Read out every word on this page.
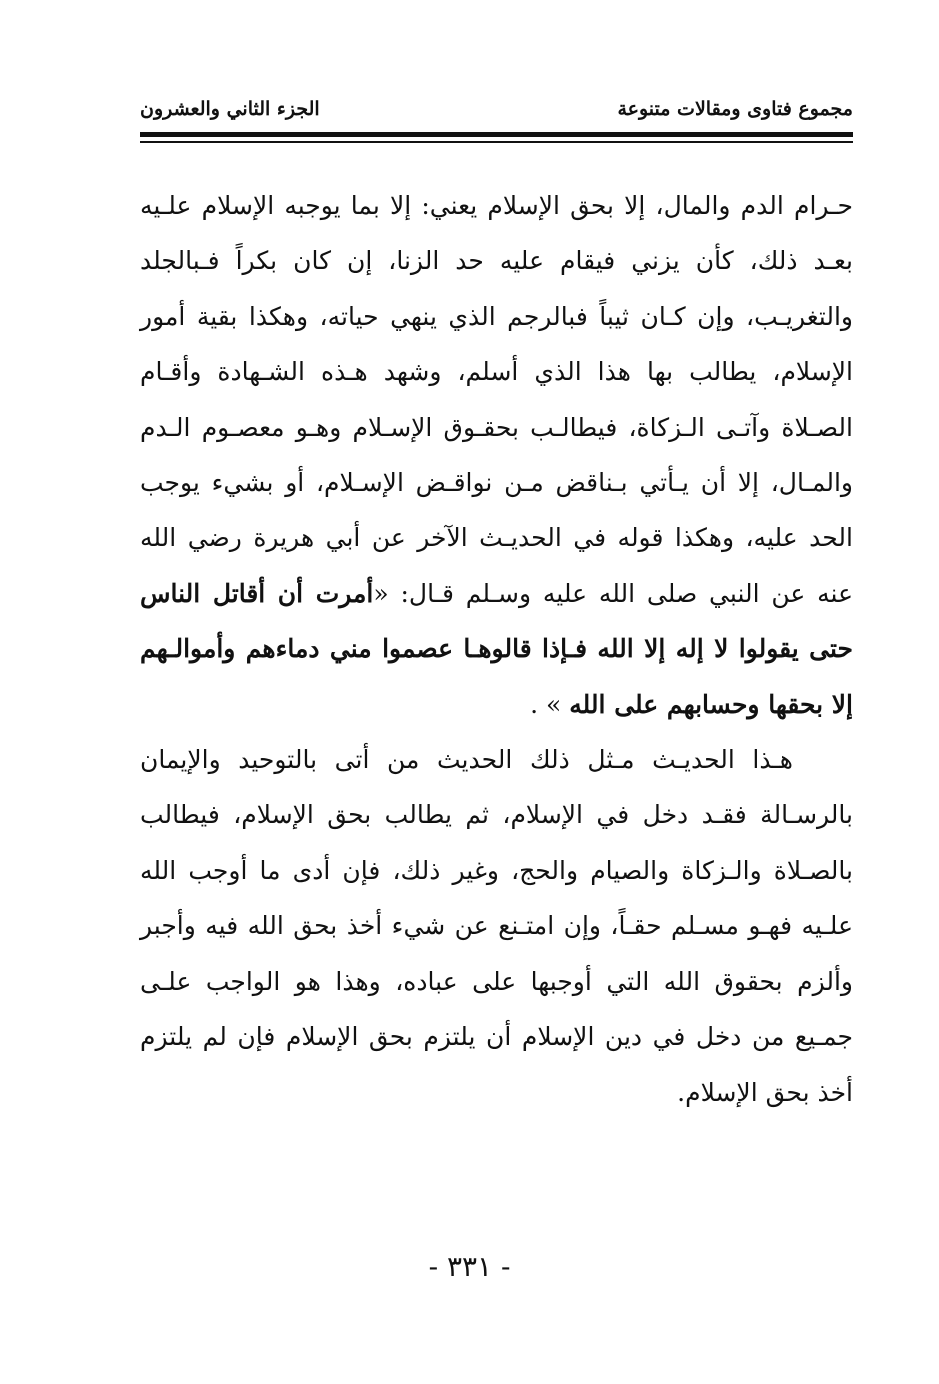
مجموع فتاوى ومقالات متنوعة
الجزء الثاني والعشرون

حـرام الدم والمال، إلا بحق الإسلام يعني: إلا بما يوجبه الإسلام علـيه بعـد ذلك، كأن يزني فيقام عليه حد الزنا، إن كان بكراً فـبالجلد والتغريـب، وإن كـان ثيباً فبالرجم الذي ينهي حياته، وهكذا بقية أمور الإسلام، يطالب بها هذا الذي أسلم، وشهد هـذه الشـهادة وأقـام الصـلاة وآتـى الـزكاة، فيطالـب بحقـوق الإسـلام وهـو معصـوم الـدم والمـال، إلا أن يـأتي بـناقض مـن نواقـض الإسـلام، أو بشيء يوجب الحد عليه، وهكذا قوله في الحديـث الآخر عن أبي هريرة رضي الله عنه عن النبي صلى الله عليه وسـلم قـال: «أمرت أن أقاتل الناس حتى يقولوا لا إله إلا الله فـإذا قالوهـا عصموا مني دماءهم وأموالـهم إلا بحقها وحسابهم على الله » .

هـذا الحديـث مـثل ذلك الحديث من أتى بالتوحيد والإيمان بالرسـالة فقـد دخل في الإسلام، ثم يطالب بحق الإسلام، فيطالب بالصـلاة والـزكاة والصيام والحج، وغير ذلك، فإن أدى ما أوجب الله علـيه فهـو مسـلم حقـاً، وإن امتـنع عن شيء أخذ بحق الله فيه وأجبر وألزم بحقوق الله التي أوجبها على عباده، وهذا هو الواجب علـى جمـيع من دخل في دين الإسلام أن يلتزم بحق الإسلام فإن لم يلتزم أخذ بحق الإسلام.

- ٣٣١ -
